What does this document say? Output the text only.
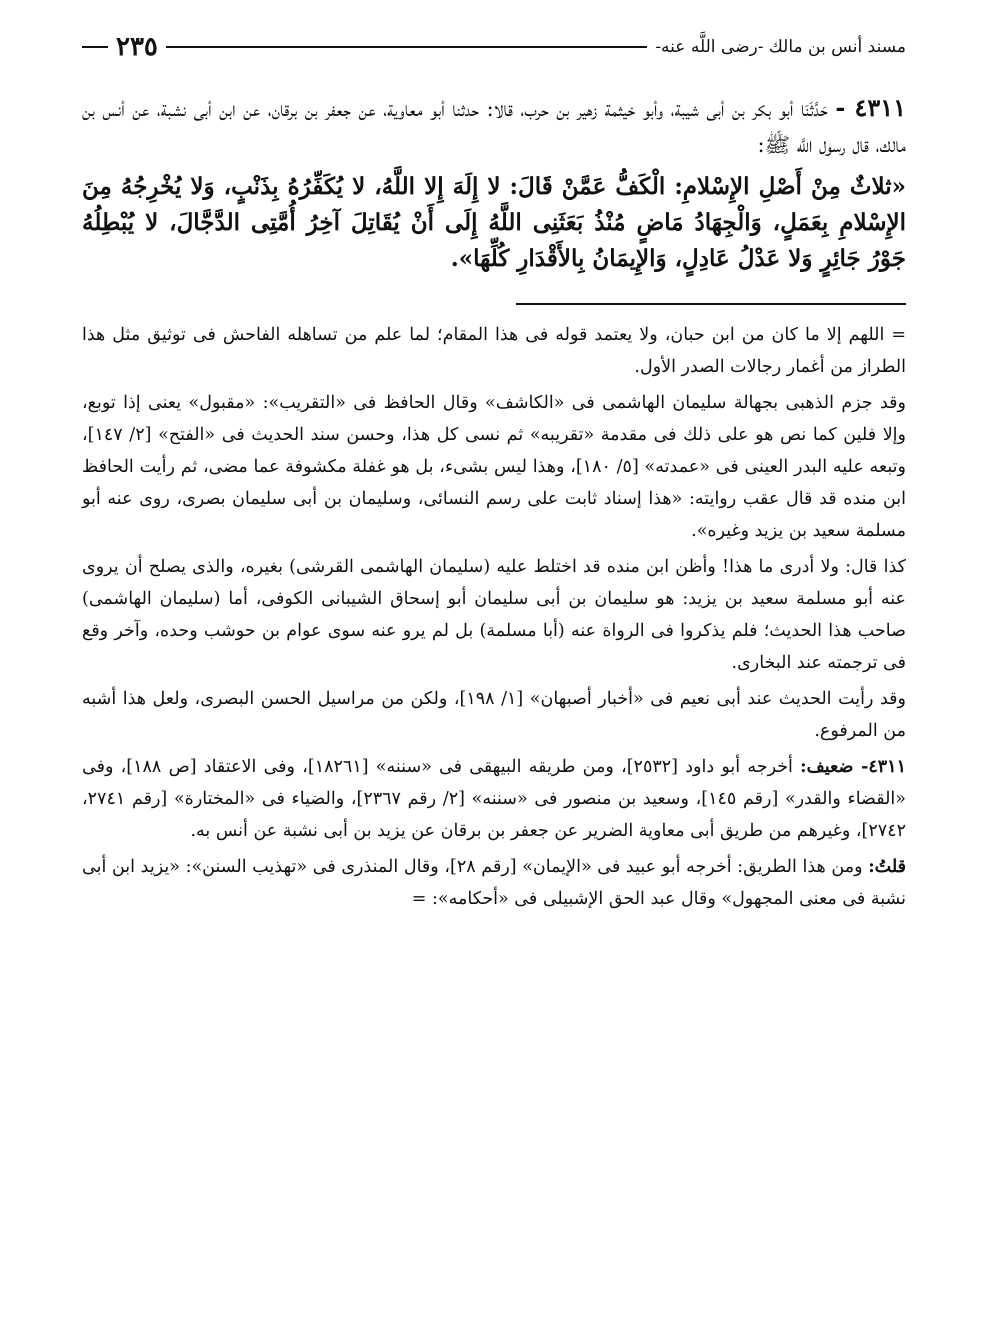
مسند أنس بن مالك -رضى اللَّه عنه-
٢٣٥
٤٣١١ - حَدَّثَنَا أبو بكر بن أبى شيبة، وأبو خيثمة زهير بن حرب، قالا: حدثنا أبو معاوية، عن جعفر بن برقان، عن ابن أبى نشبة، عن أنس بن مالك، قال رسول اللَّه ﷺ:
«ثلاثٌ مِنْ أَصْلِ الإِسْلامِ: الْكَفُّ عَمَّنْ قَالَ: لا إِلَهَ إِلا اللَّهُ، لا يُكَفِّرُهُ بِذَنْبٍ، وَلا يُخْرِجُهُ مِنَ الإِسْلامِ بِعَمَلٍ، وَالْجِهَادُ مَاضٍ مُنْذُ بَعَثَنِى اللَّهُ إِلَى أَنْ يُقَاتِلَ آخِرُ أُمَّتِى الدَّجَّالَ، لا يُبْطِلُهُ جَوْرُ جَائِرٍ وَلا عَدْلُ عَادِلٍ، وَالإِيمَانُ بِالأَقْدَارِ كُلِّهَا».

= اللهم إلا ما كان من ابن حبان، ولا يعتمد قوله فى هذا المقام؛ لما علم من تساهله الفاحش فى توثيق مثل هذا الطراز من أغمار رجالات الصدر الأول.

وقد جزم الذهبى بجهالة سليمان الهاشمى فى «الكاشف» وقال الحافظ فى «التقريب»: «مقبول» يعنى إذا توبع، وإلا فلين كما نص هو على ذلك فى مقدمة «تقريبه» ثم نسى كل هذا، وحسن سند الحديث فى «الفتح» [٢/ ١٤٧]، وتبعه عليه البدر العينى فى «عمدته» [٥/ ١٨٠]، وهذا ليس بشىء، بل هو غفلة مكشوفة عما مضى، ثم رأيت الحافظ ابن منده قد قال عقب روايته: «هذا إسناد ثابت على رسم النسائى، وسليمان بن أبى سليمان بصرى، روى عنه أبو مسلمة سعيد بن يزيد وغيره».

كذا قال: ولا أدرى ما هذا! وأظن ابن منده قد اختلط عليه (سليمان الهاشمى القرشى) بغيره، والذى يصلح أن يروى عنه أبو مسلمة سعيد بن يزيد: هو سليمان بن أبى سليمان أبو إسحاق الشيبانى الكوفى، أما (سليمان الهاشمى) صاحب هذا الحديث؛ فلم يذكروا فى الرواة عنه (أبا مسلمة) بل لم يرو عنه سوى عوام بن حوشب وحده، وآخر وقع فى ترجمته عند البخارى.

وقد رأيت الحديث عند أبى نعيم فى «أخبار أصبهان» [١/ ١٩٨]، ولكن من مراسيل الحسن البصرى، ولعل هذا أشبه من المرفوع.

٤٣١١- ضعيف: أخرجه أبو داود [٢٥٣٢]، ومن طريقه البيهقى فى «سننه» [١٨٢٦١]، وفى الاعتقاد [ص ١٨٨]، وفى «القضاء والقدر» [رقم ١٤٥]، وسعيد بن منصور فى «سننه» [٢/ رقم ٢٣٦٧]، والضياء فى «المختارة» [رقم ٢٧٤١، ٢٧٤٢]، وغيرهم من طريق أبى معاوية الضرير عن جعفر بن برقان عن يزيد بن أبى نشبة عن أنس به.

قلتُ: ومن هذا الطريق: أخرجه أبو عبيد فى «الإيمان» [رقم ٢٨]، وقال المنذرى فى «تهذيب السنن»: «يزيد ابن أبى نشبة فى معنى المجهول» وقال عبد الحق الإشبيلى فى «أحكامه»: =
